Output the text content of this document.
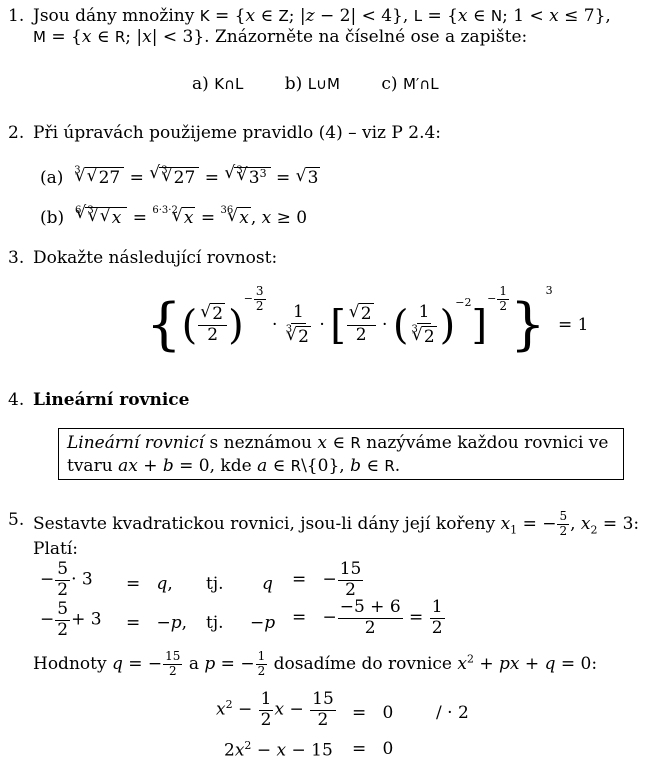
1. Jsou dány množiny K = {x ∈ Z; |z − 2| < 4}, L = {x ∈ N; 1 < x ≤ 7},
M = {x ∈ R; |x| < 3}. Znázorněte na číselné ose a zapište:
a) K∩L b) L∪M c) M′∩L
2. Při úpravách použijeme pravidlo (4) – viz P 2.4:
(a) $^3$ √ √ 27 = √ $^3$ √ 27 = √ $^3$ √ $3^3$ = √ 3
(b) $^6$ √ $^3$ √ √ x = $^{6\cdot 3\cdot 2}$ √ x = $^{36}$ √ x , x ≥ 0
3. Dokažte následující rovnost:
{( √ $\frac{2}{2} )^{- \frac{3}{2}}$
· $\frac{1}{^3 √ 2}$ · [ √ $\frac{2}{2}$ · ( $\frac{1}{^3 √ 2} )^{-2}]^{- \frac{1}{2}}$ }$^3$ = 1
4. Lineární rovnice
Lineární rovnicí s neznámou x ∈ R nazýváme každou rovnici ve
tvaru ax + b = 0, kde a ∈ R\{0}, b ∈ R.
5. Sestavte kvadratickou rovnici, jsou-li dány její kořeny $x_1$ = − $\frac{5}{2}$ , $x_2 = 3$:
Platí:
− $\frac{5}{2} \cdot 3 = q$, tj. q =   − $\frac{15}{2}$
− $\frac{5}{2} + 3 = -p$, tj. −p =   − $\frac{-5 + 6}{2} = \frac{1}{2}$
Hodnoty q = − $\frac{15}{2}$ a p = − $\frac{1}{2}$ dosadíme do rovnice $x^2$ + px + q = 0:
$x^2 - \frac{1}{2}$ $x - \frac{15}{2} = 0$	/ · 2
$2x^2 - x - 15 = 0$
